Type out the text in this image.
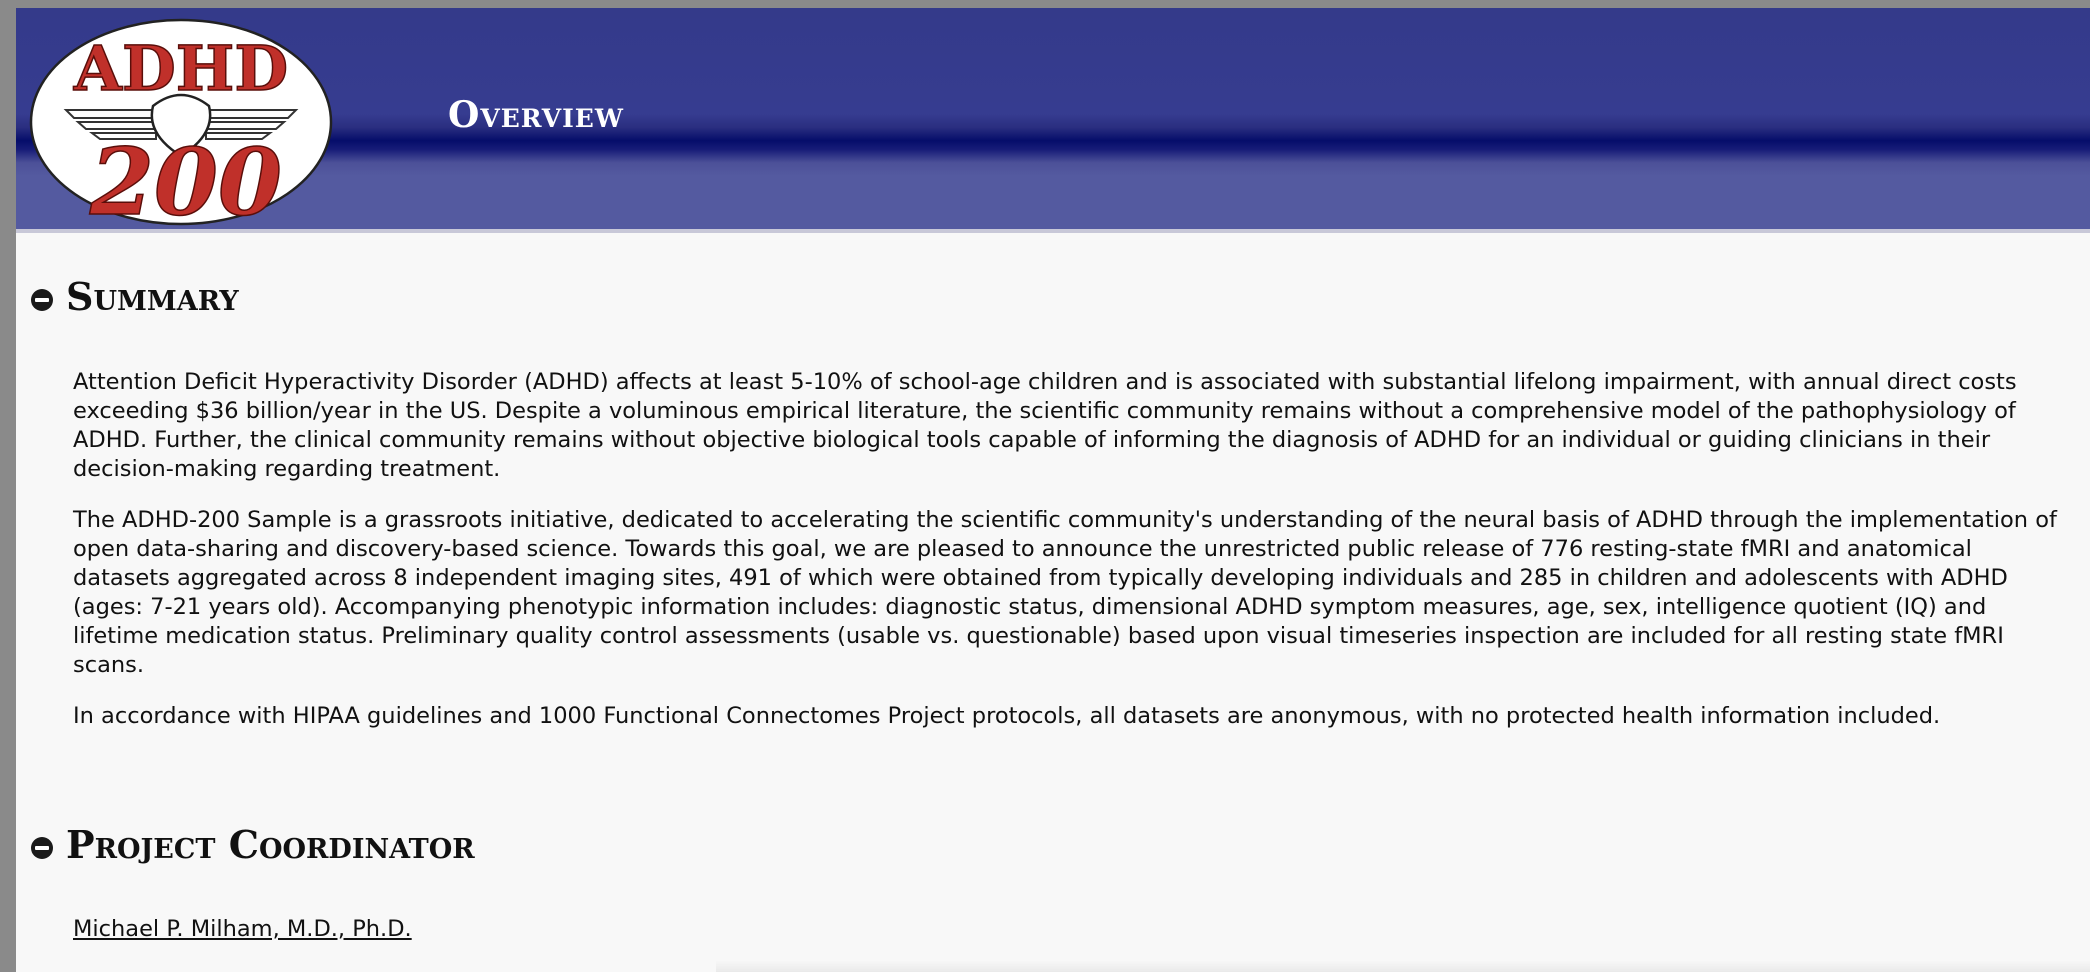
ADHD
200
Overview
Summary

Attention Deficit Hyperactivity Disorder (ADHD) affects at least 5-10% of school-age children and is associated with substantial lifelong impairment, with annual direct costs exceeding $36 billion/year in the US. Despite a voluminous empirical literature, the scientific community remains without a comprehensive model of the pathophysiology of ADHD. Further, the clinical community remains without objective biological tools capable of informing the diagnosis of ADHD for an individual or guiding clinicians in their decision-making regarding treatment.

The ADHD-200 Sample is a grassroots initiative, dedicated to accelerating the scientific community's understanding of the neural basis of ADHD through the implementation of open data-sharing and discovery-based science. Towards this goal, we are pleased to announce the unrestricted public release of 776 resting-state fMRI and anatomical datasets aggregated across 8 independent imaging sites, 491 of which were obtained from typically developing individuals and 285 in children and adolescents with ADHD (ages: 7-21 years old). Accompanying phenotypic information includes: diagnostic status, dimensional ADHD symptom measures, age, sex, intelligence quotient (IQ) and lifetime medication status. Preliminary quality control assessments (usable vs. questionable) based upon visual timeseries inspection are included for all resting state fMRI scans.

In accordance with HIPAA guidelines and 1000 Functional Connectomes Project protocols, all datasets are anonymous, with no protected health information included.

Project Coordinator
Michael P. Milham, M.D., Ph.D.
